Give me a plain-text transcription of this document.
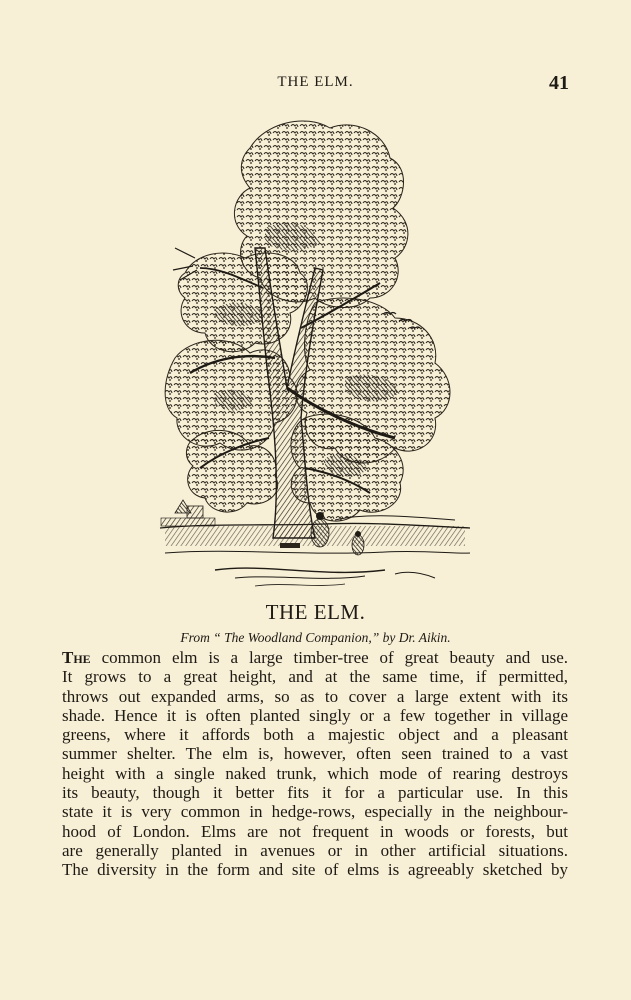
THE ELM.	41
THE ELM.
From “ The Woodland Companion,” by Dr. Aikin.
The common elm is a large timber-tree of great beauty and use.
It grows to a great height, and at the same time, if permitted,
throws out expanded arms, so as to cover a large extent with its
shade. Hence it is often planted singly or a few together in village
greens, where it affords both a majestic object and a pleasant
summer shelter. The elm is, however, often seen trained to a vast
height with a single naked trunk, which mode of rearing destroys
its beauty, though it better fits it for a particular use. In this
state it is very common in hedge-rows, especially in the neighbour-
hood of London. Elms are not frequent in woods or forests, but
are generally planted in avenues or in other artificial situations.
The diversity in the form and site of elms is agreeably sketched by
